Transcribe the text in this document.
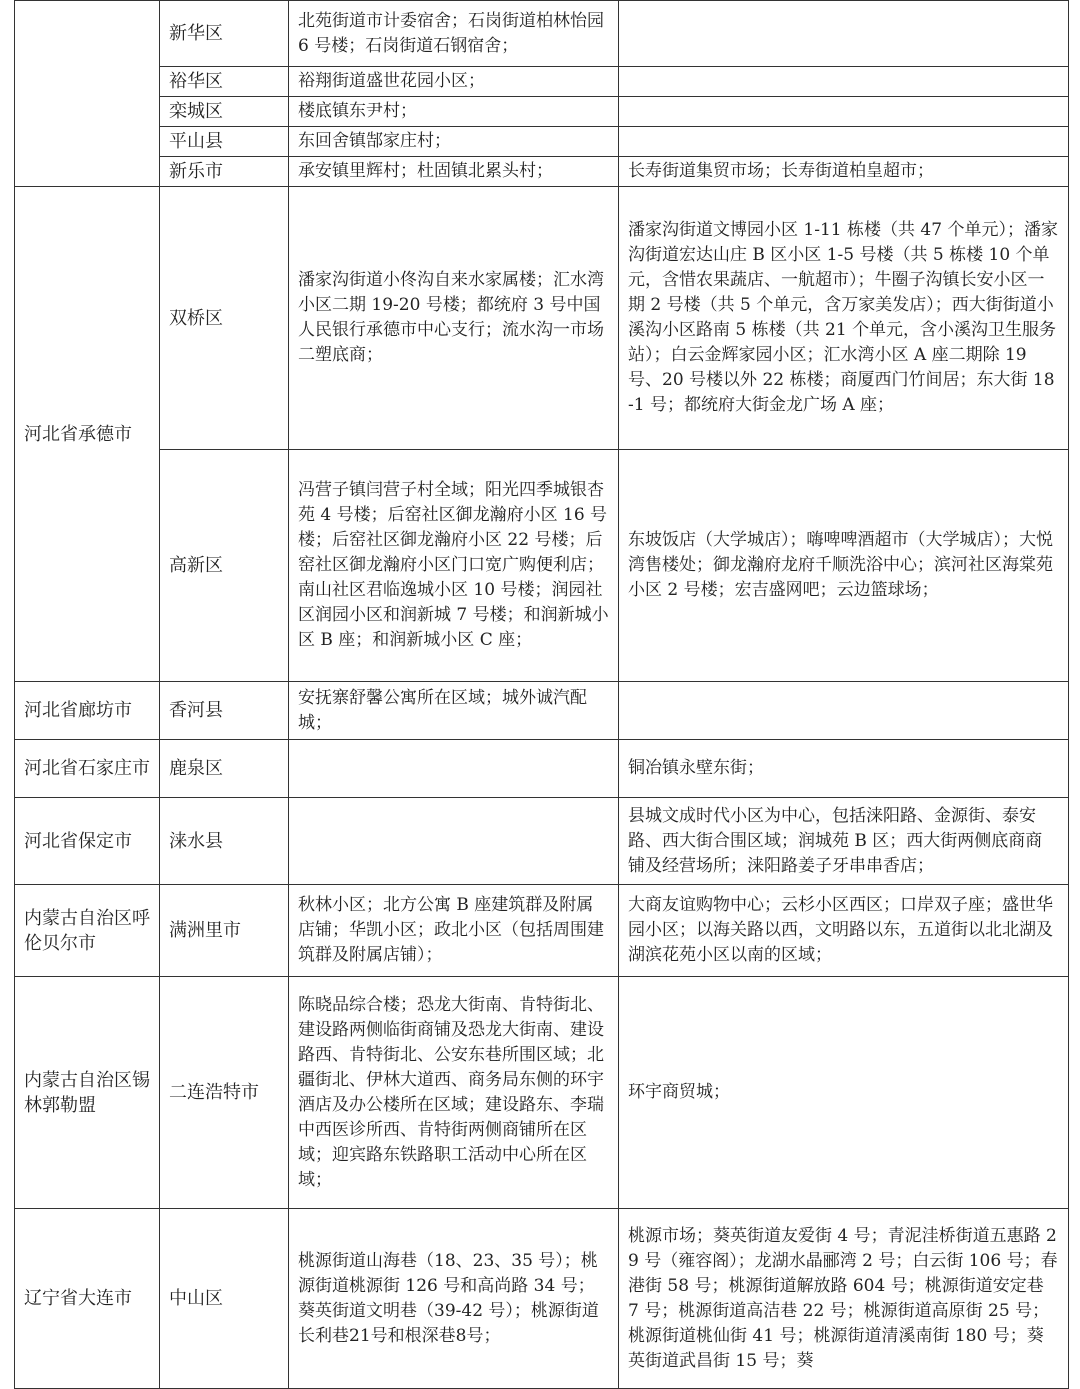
	新华区	北苑街道市计委宿舍；石岗街道柏林怡园 6 号楼；石岗街道石钢宿舍；	
	裕华区	裕翔街道盛世花园小区；	
	栾城区	楼底镇东尹村；	
	平山县	东回舍镇郜家庄村；	
	新乐市	承安镇里辉村；杜固镇北累头村；	长寿街道集贸市场；长寿街道柏皇超市；
河北省承德市	双桥区	潘家沟街道小佟沟自来水家属楼；汇水湾小区二期 19-20 号楼；都统府 3 号中国人民银行承德市中心支行；流水沟一市场二塑底商；	潘家沟街道文博园小区 1-11 栋楼（共 47 个单元）；潘家沟街道宏达山庄 B 区小区 1-5 号楼（共 5 栋楼 10 个单元，含惜农果蔬店、一航超市）；牛圈子沟镇长安小区一期 2 号楼（共 5 个单元，含万家美发店）；西大街街道小溪沟小区路南 5 栋楼（共 21 个单元，含小溪沟卫生服务站）；白云金辉家园小区；汇水湾小区 A 座二期除 19 号、20 号楼以外 22 栋楼；商厦西门竹间居；东大街 18-1 号；都统府大街金龙广场 A 座；
	高新区	冯营子镇闫营子村全域；阳光四季城银杏苑 4 号楼；后窑社区御龙瀚府小区 16 号楼；后窑社区御龙瀚府小区 22 号楼；后窑社区御龙瀚府小区门口宽广购便利店；南山社区君临逸城小区 10 号楼；润园社区润园小区和润新城 7 号楼；和润新城小区 B 座；和润新城小区 C 座；	东坡饭店（大学城店）；嗨啤啤酒超市（大学城店）；大悦湾售楼处；御龙瀚府龙府千顺洗浴中心；滨河社区海棠苑小区 2 号楼；宏吉盛网吧；云边篮球场；
河北省廊坊市	香河县	安抚寨舒馨公寓所在区域；城外诚汽配城；	
河北省石家庄市	鹿泉区		铜冶镇永壁东街；
河北省保定市	涞水县		县城文成时代小区为中心，包括涞阳路、金源街、泰安路、西大街合围区域；润城苑 B 区；西大街两侧底商商铺及经营场所；涞阳路姜子牙串串香店；
内蒙古自治区呼伦贝尔市	满洲里市	秋林小区；北方公寓 B 座建筑群及附属店铺；华凯小区；政北小区（包括周围建筑群及附属店铺）；	大商友谊购物中心；云杉小区西区；口岸双子座；盛世华园小区；以海关路以西，文明路以东，五道街以北北湖及湖滨花苑小区以南的区域；
内蒙古自治区锡林郭勒盟	二连浩特市	陈晓品综合楼；恐龙大街南、肯特街北、建设路两侧临街商铺及恐龙大街南、建设路西、肯特街北、公安东巷所围区域；北疆街北、伊林大道西、商务局东侧的环宇酒店及办公楼所在区域；建设路东、李瑞中西医诊所西、肯特街两侧商铺所在区域；迎宾路东铁路职工活动中心所在区域；	环宇商贸城；
辽宁省大连市	中山区	桃源街道山海巷（18、23、35 号）；桃源街道桃源街 126 号和高尚路 34 号；葵英街道文明巷（39-42 号）；桃源街道长利巷21号和根深巷8号；	桃源市场；葵英街道友爱街 4 号；青泥洼桥街道五惠路 29 号（雍容阁）；龙湖水晶郦湾 2 号；白云街 106 号；春港街 58 号；桃源街道解放路 604 号；桃源街道安定巷 7 号；桃源街道高洁巷 22 号；桃源街道高原街 25 号；桃源街道桃仙街 41 号；桃源街道清溪南街 180 号；葵英街道武昌街 15 号；葵
